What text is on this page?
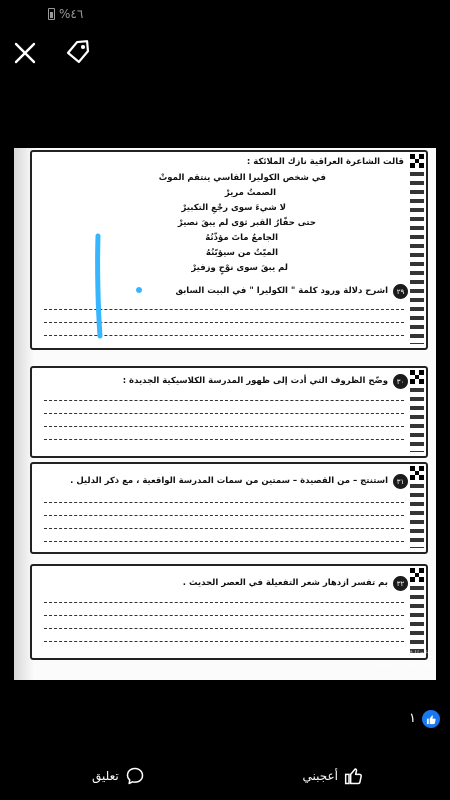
%٤٦
قالت الشاعرة العراقية نازك الملائكة :
في شخص الكوليرا القاسي ينتقم الموتْ
الصمتُ مريرْ
لا شيءَ سوى رجْعِ التكبيرْ
حتى حفّارُ القبر ثوَى لم يبقَ نصيرْ
الجامعُ ماتَ مؤذّنُهُ
الميّتُ من سيؤبّنُهُ
لم يبقَ سوى نوْحٍ وزفيرْ
٢٩
اشرح دلالة ورود كلمة " الكوليرا " في البيت السابق
٣٠
وضّح الظروف التي أدت إلى ظهور المدرسة الكلاسيكية الجديدة :
٣١
استنتج – من القصيدة – سمتين من سمات المدرسة الواقعية ، مع ذكر الدليل .
٣٢
بم تفسر ازدهار شعر التفعيلة في العصر الحديث .
Menna Allah
منذ ساعة واحدة
١
أعجبني
تعليق
